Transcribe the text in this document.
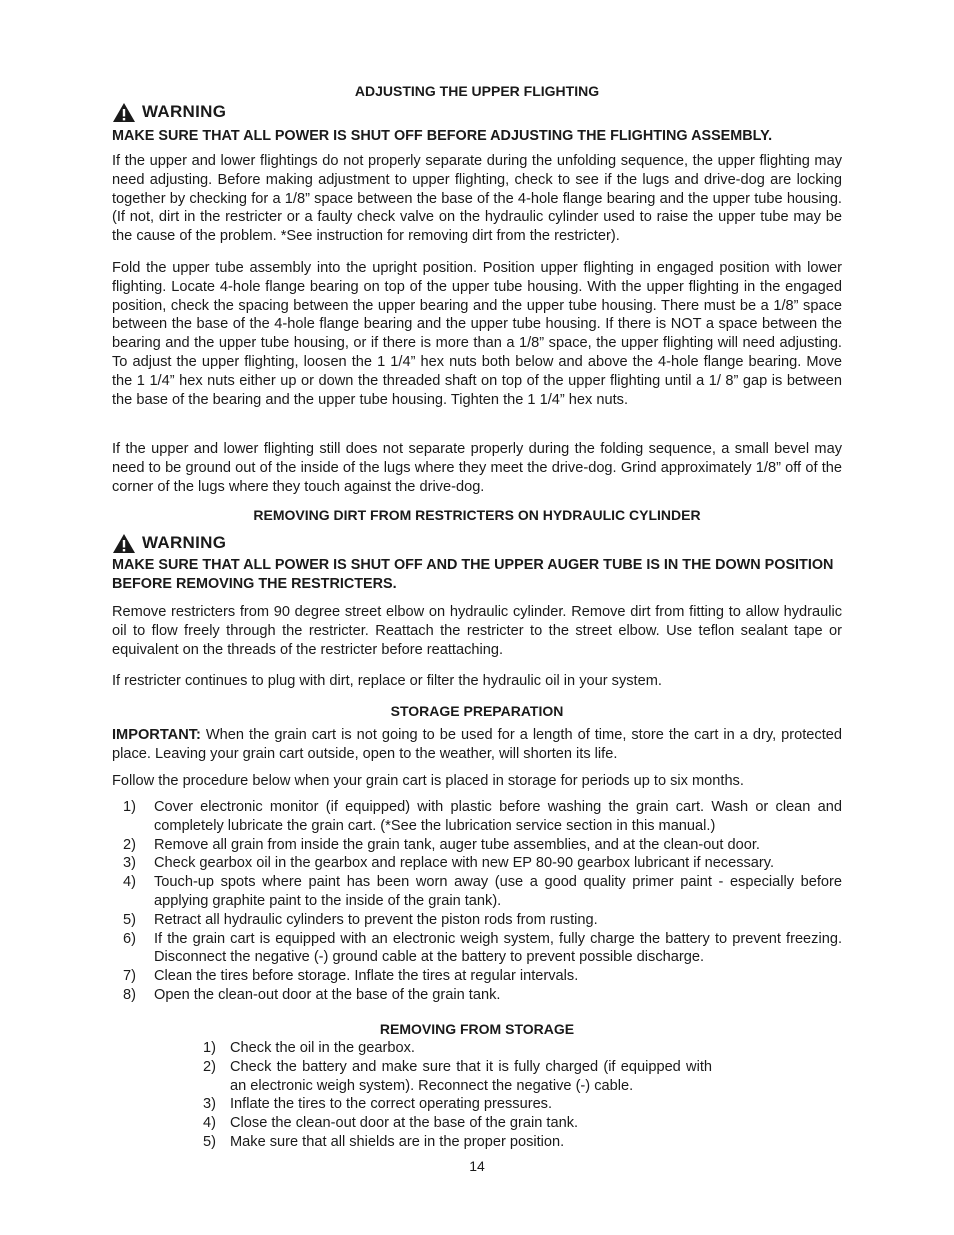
ADJUSTING THE UPPER FLIGHTING
WARNING
MAKE SURE THAT ALL POWER IS SHUT OFF BEFORE ADJUSTING THE FLIGHTING ASSEMBLY.
If the upper and lower flightings do not properly separate during the unfolding sequence, the upper flighting may need adjusting. Before making adjustment to upper flighting, check to see if the lugs and drive-dog are locking together by checking for a 1/8” space between the base of the 4-hole flange bearing and the upper tube housing. (If not, dirt in the restricter or a faulty check valve on the hydraulic cylinder used to raise the upper tube may be the cause of the problem. *See instruction for removing dirt from the restricter).
Fold the upper tube assembly into the upright position. Position upper flighting in engaged position with lower flighting. Locate 4-hole flange bearing on top of the upper tube housing. With the upper flighting in the engaged position, check the spacing between the upper bearing and the upper tube housing. There must be a 1/8” space between the base of the 4-hole flange bearing and the upper tube housing. If there is NOT a space between the bearing and the upper tube housing, or if there is more than a 1/8” space, the upper flighting will need adjusting. To adjust the upper flighting, loosen the 1 1/4” hex nuts both below and above the 4-hole flange bearing. Move the 1 1/4” hex nuts either up or down the threaded shaft on top of the upper flighting until a 1/ 8” gap is between the base of the bearing and the upper tube housing. Tighten the 1 1/4” hex nuts.
If the upper and lower flighting still does not separate properly during the folding sequence, a small bevel may need to be ground out of the inside of the lugs where they meet the drive-dog. Grind approximately 1/8” off of the corner of the lugs where they touch against the drive-dog.
REMOVING DIRT FROM RESTRICTERS ON HYDRAULIC CYLINDER
WARNING
MAKE SURE THAT ALL POWER IS SHUT OFF AND THE UPPER AUGER TUBE IS IN THE DOWN POSITION BEFORE REMOVING THE RESTRICTERS.
Remove restricters from 90 degree street elbow on hydraulic cylinder. Remove dirt from fitting to allow hydraulic oil to flow freely through the restricter. Reattach the restricter to the street elbow. Use teflon sealant tape or equivalent on the threads of the restricter before reattaching.
If restricter continues to plug with dirt, replace or filter the hydraulic oil in your system.
STORAGE PREPARATION
IMPORTANT: When the grain cart is not going to be used for a length of time, store the cart in a dry, protected place. Leaving your grain cart outside, open to the weather, will shorten its life.
Follow the procedure below when your grain cart is placed in storage for periods up to six months.
1) Cover electronic monitor (if equipped) with plastic before washing the grain cart. Wash or clean and completely lubricate the grain cart. (*See the lubrication service section in this manual.)
2) Remove all grain from inside the grain tank, auger tube assemblies, and at the clean-out door.
3) Check gearbox oil in the gearbox and replace with new EP 80-90 gearbox lubricant if necessary.
4) Touch-up spots where paint has been worn away (use a good quality primer paint - especially before applying graphite paint to the inside of the grain tank).
5) Retract all hydraulic cylinders to prevent the piston rods from rusting.
6) If the grain cart is equipped with an electronic weigh system, fully charge the battery to prevent freezing. Disconnect the negative (-) ground cable at the battery to prevent possible discharge.
7) Clean the tires before storage. Inflate the tires at regular intervals.
8) Open the clean-out door at the base of the grain tank.
REMOVING FROM STORAGE
1) Check the oil in the gearbox.
2) Check the battery and make sure that it is fully charged (if equipped with an electronic weigh system). Reconnect the negative (-) cable.
3) Inflate the tires to the correct operating pressures.
4) Close the clean-out door at the base of the grain tank.
5) Make sure that all shields are in the proper position.
14
